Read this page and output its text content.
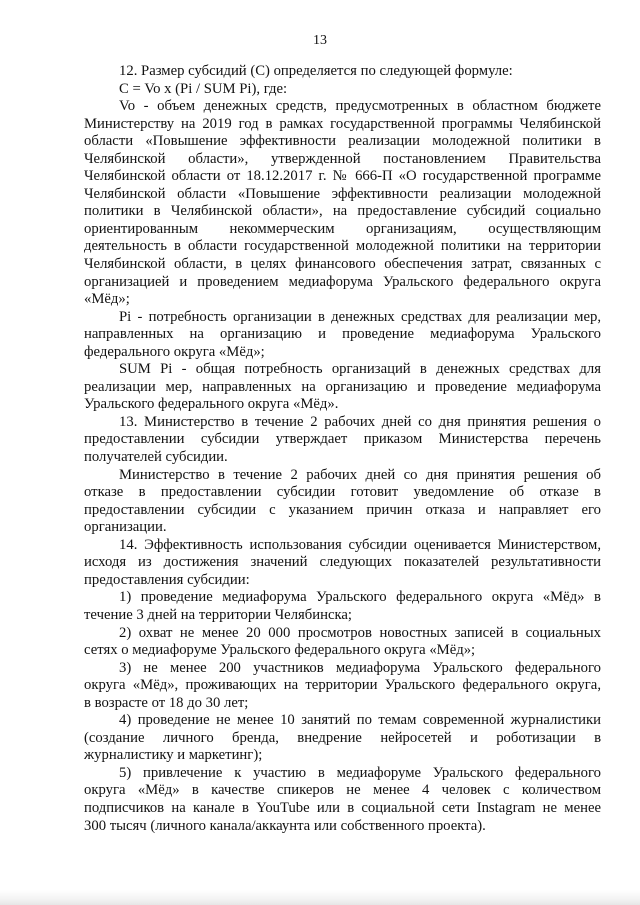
13
12. Размер субсидий (С) определяется по следующей формуле:
С = Vo x (Pi / SUM Pi), где:
Vo - объем денежных средств, предусмотренных в областном бюджете
Министерству на 2019 год в рамках государственной программы Челябинской
области «Повышение эффективности реализации молодежной политики в
Челябинской области», утвержденной постановлением Правительства
Челябинской области от 18.12.2017 г. № 666-П «О государственной программе
Челябинской области «Повышение эффективности реализации молодежной
политики в Челябинской области», на предоставление субсидий социально
ориентированным некоммерческим организациям, осуществляющим
деятельность в области государственной молодежной политики на территории
Челябинской области, в целях финансового обеспечения затрат, связанных с
организацией и проведением медиафорума Уральского федерального округа
«Мёд»;
Pi - потребность организации в денежных средствах для реализации мер,
направленных на организацию и проведение медиафорума Уральского
федерального округа «Мёд»;
SUM Pi - общая потребность организаций в денежных средствах для
реализации мер, направленных на организацию и проведение медиафорума
Уральского федерального округа «Мёд».
13. Министерство в течение 2 рабочих дней со дня принятия решения о
предоставлении субсидии утверждает приказом Министерства перечень
получателей субсидии.
Министерство в течение 2 рабочих дней со дня принятия решения об
отказе в предоставлении субсидии готовит уведомление об отказе в
предоставлении субсидии с указанием причин отказа и направляет его
организации.
14. Эффективность использования субсидии оценивается Министерством,
исходя из достижения значений следующих показателей результативности
предоставления субсидии:
1) проведение медиафорума Уральского федерального округа «Мёд» в
течение 3 дней на территории Челябинска;
2) охват не менее 20 000 просмотров новостных записей в социальных
сетях о медиафоруме Уральского федерального округа «Мёд»;
3) не менее 200 участников медиафорума Уральского федерального
округа «Мёд», проживающих на территории Уральского федерального округа,
в возрасте от 18 до 30 лет;
4) проведение не менее 10 занятий по темам современной журналистики
(создание личного бренда, внедрение нейросетей и роботизации в
журналистику и маркетинг);
5) привлечение к участию в медиафоруме Уральского федерального
округа «Мёд» в качестве спикеров не менее 4 человек с количеством
подписчиков на канале в YouTube или в социальной сети Instagram не менее
300 тысяч (личного канала/аккаунта или собственного проекта).
